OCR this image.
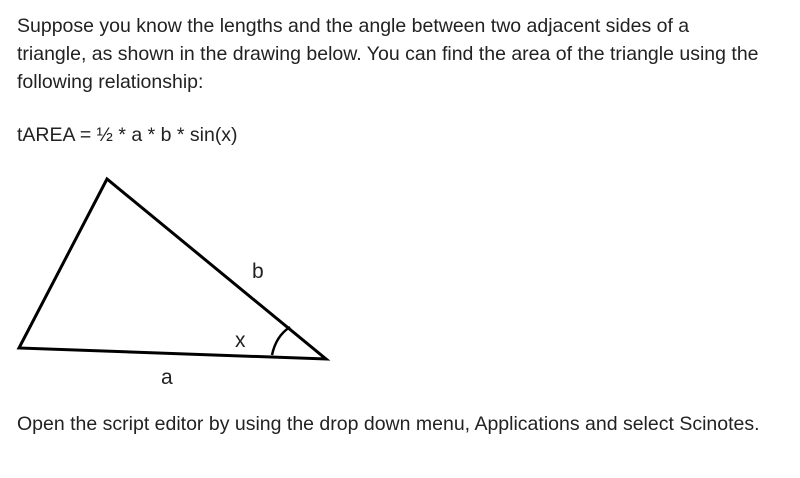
Suppose you know the lengths and the angle between two adjacent sides of a triangle, as shown in the drawing below. You can find the area of the triangle using the following relationship:

tAREA = ½ * a * b * sin(x)

b
x
a

Open the script editor by using the drop down menu, Applications and select Scinotes.
